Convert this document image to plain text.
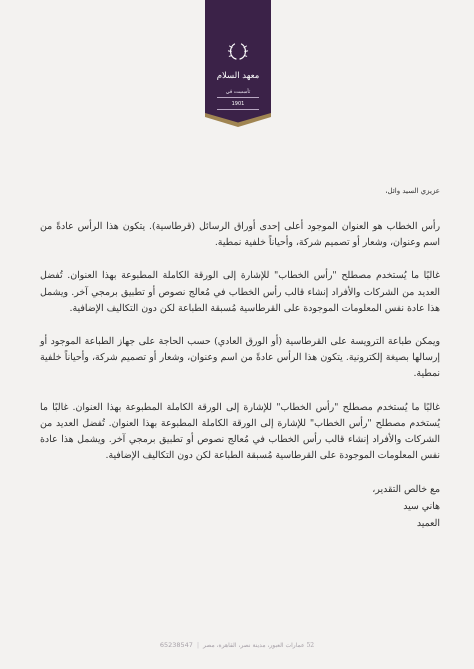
معهد السلام
تأسست في
1901

عزيزي السيد وائل،

رأس الخطاب هو العنوان الموجود أعلى إحدى أوراق الرسائل (قرطاسية). يتكون هذا الرأس عادةً من اسم وعنوان، وشعار أو تصميم شركة، وأحياناً خلفية نمطية.

غالبًا ما يُستخدم مصطلح "رأس الخطاب" للإشارة إلى الورقة الكاملة المطبوعة بهذا العنوان. تُفضل العديد من الشركات والأفراد إنشاء قالب رأس الخطاب في مُعالج نصوص أو تطبيق برمجي آخر. ويشمل هذا عادة نفس المعلومات الموجودة على القرطاسية مُسبقة الطباعة لكن دون التكاليف الإضافية.

ويمكن طباعة الترويسة على القرطاسية (أو الورق العادي) حسب الحاجة على جهاز الطباعة الموجود أو إرسالها بصيغة إلكترونية. يتكون هذا الرأس عادةً من اسم وعنوان، وشعار أو تصميم شركة، وأحياناً خلفية نمطية.

غالبًا ما يُستخدم مصطلح "رأس الخطاب" للإشارة إلى الورقة الكاملة المطبوعة بهذا العنوان. غالبًا ما يُستخدم مصطلح "رأس الخطاب" للإشارة إلى الورقة الكاملة المطبوعة بهذا العنوان. تُفضل العديد من الشركات والأفراد إنشاء قالب رأس الخطاب في مُعالج نصوص أو تطبيق برمجي آخر. ويشمل هذا عادة نفس المعلومات الموجودة على القرطاسية مُسبقة الطباعة لكن دون التكاليف الإضافية.

مع خالص التقدير،

هاني سيد

العميد

52 عمارات العبور، مدينة نصر، القاهرة، مصر|65238547
